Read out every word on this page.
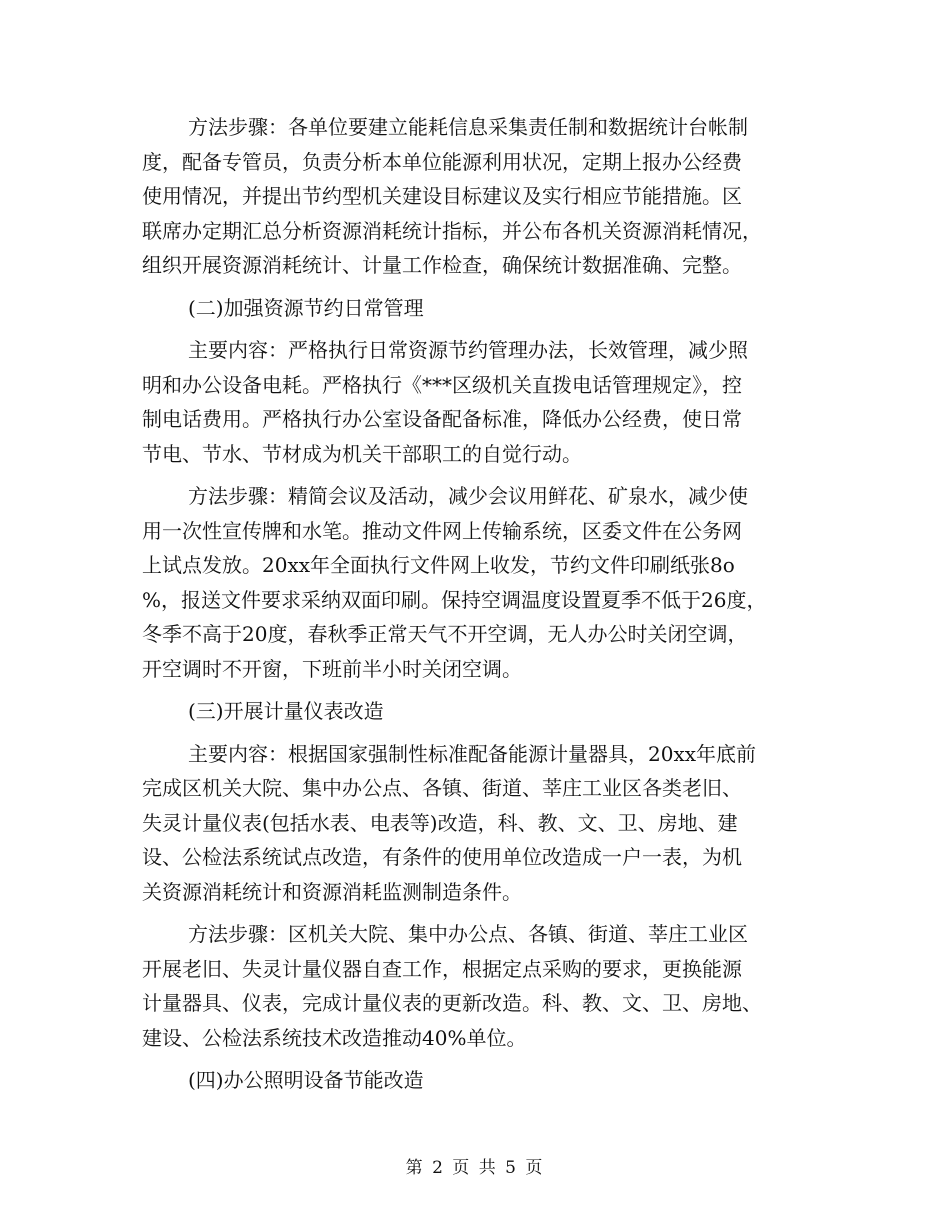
方法步骤：各单位要建立能耗信息采集责任制和数据统计台帐制
度，配备专管员，负责分析本单位能源利用状况，定期上报办公经费
使用情况，并提出节约型机关建设目标建议及实行相应节能措施。区
联席办定期汇总分析资源消耗统计指标，并公布各机关资源消耗情况，
组织开展资源消耗统计、计量工作检查，确保统计数据准确、完整。

(二)加强资源节约日常管理

主要内容：严格执行日常资源节约管理办法，长效管理，减少照
明和办公设备电耗。严格执行《***区级机关直拨电话管理规定》，控
制电话费用。严格执行办公室设备配备标准，降低办公经费，使日常
节电、节水、节材成为机关干部职工的自觉行动。

方法步骤：精简会议及活动，减少会议用鲜花、矿泉水，减少使
用一次性宣传牌和水笔。推动文件网上传输系统，区委文件在公务网
上试点发放。20xx年全面执行文件网上收发，节约文件印刷纸张8o
%，报送文件要求采纳双面印刷。保持空调温度设置夏季不低于26度，
冬季不高于20度，春秋季正常天气不开空调，无人办公时关闭空调，
开空调时不开窗，下班前半小时关闭空调。

(三)开展计量仪表改造

主要内容：根据国家强制性标准配备能源计量器具，20xx年底前
完成区机关大院、集中办公点、各镇、街道、莘庄工业区各类老旧、
失灵计量仪表(包括水表、电表等)改造，科、教、文、卫、房地、建
设、公检法系统试点改造，有条件的使用单位改造成一户一表，为机
关资源消耗统计和资源消耗监测制造条件。

方法步骤：区机关大院、集中办公点、各镇、街道、莘庄工业区
开展老旧、失灵计量仪器自查工作，根据定点采购的要求，更换能源
计量器具、仪表，完成计量仪表的更新改造。科、教、文、卫、房地、
建设、公检法系统技术改造推动40%单位。

(四)办公照明设备节能改造

第 2 页 共 5 页
